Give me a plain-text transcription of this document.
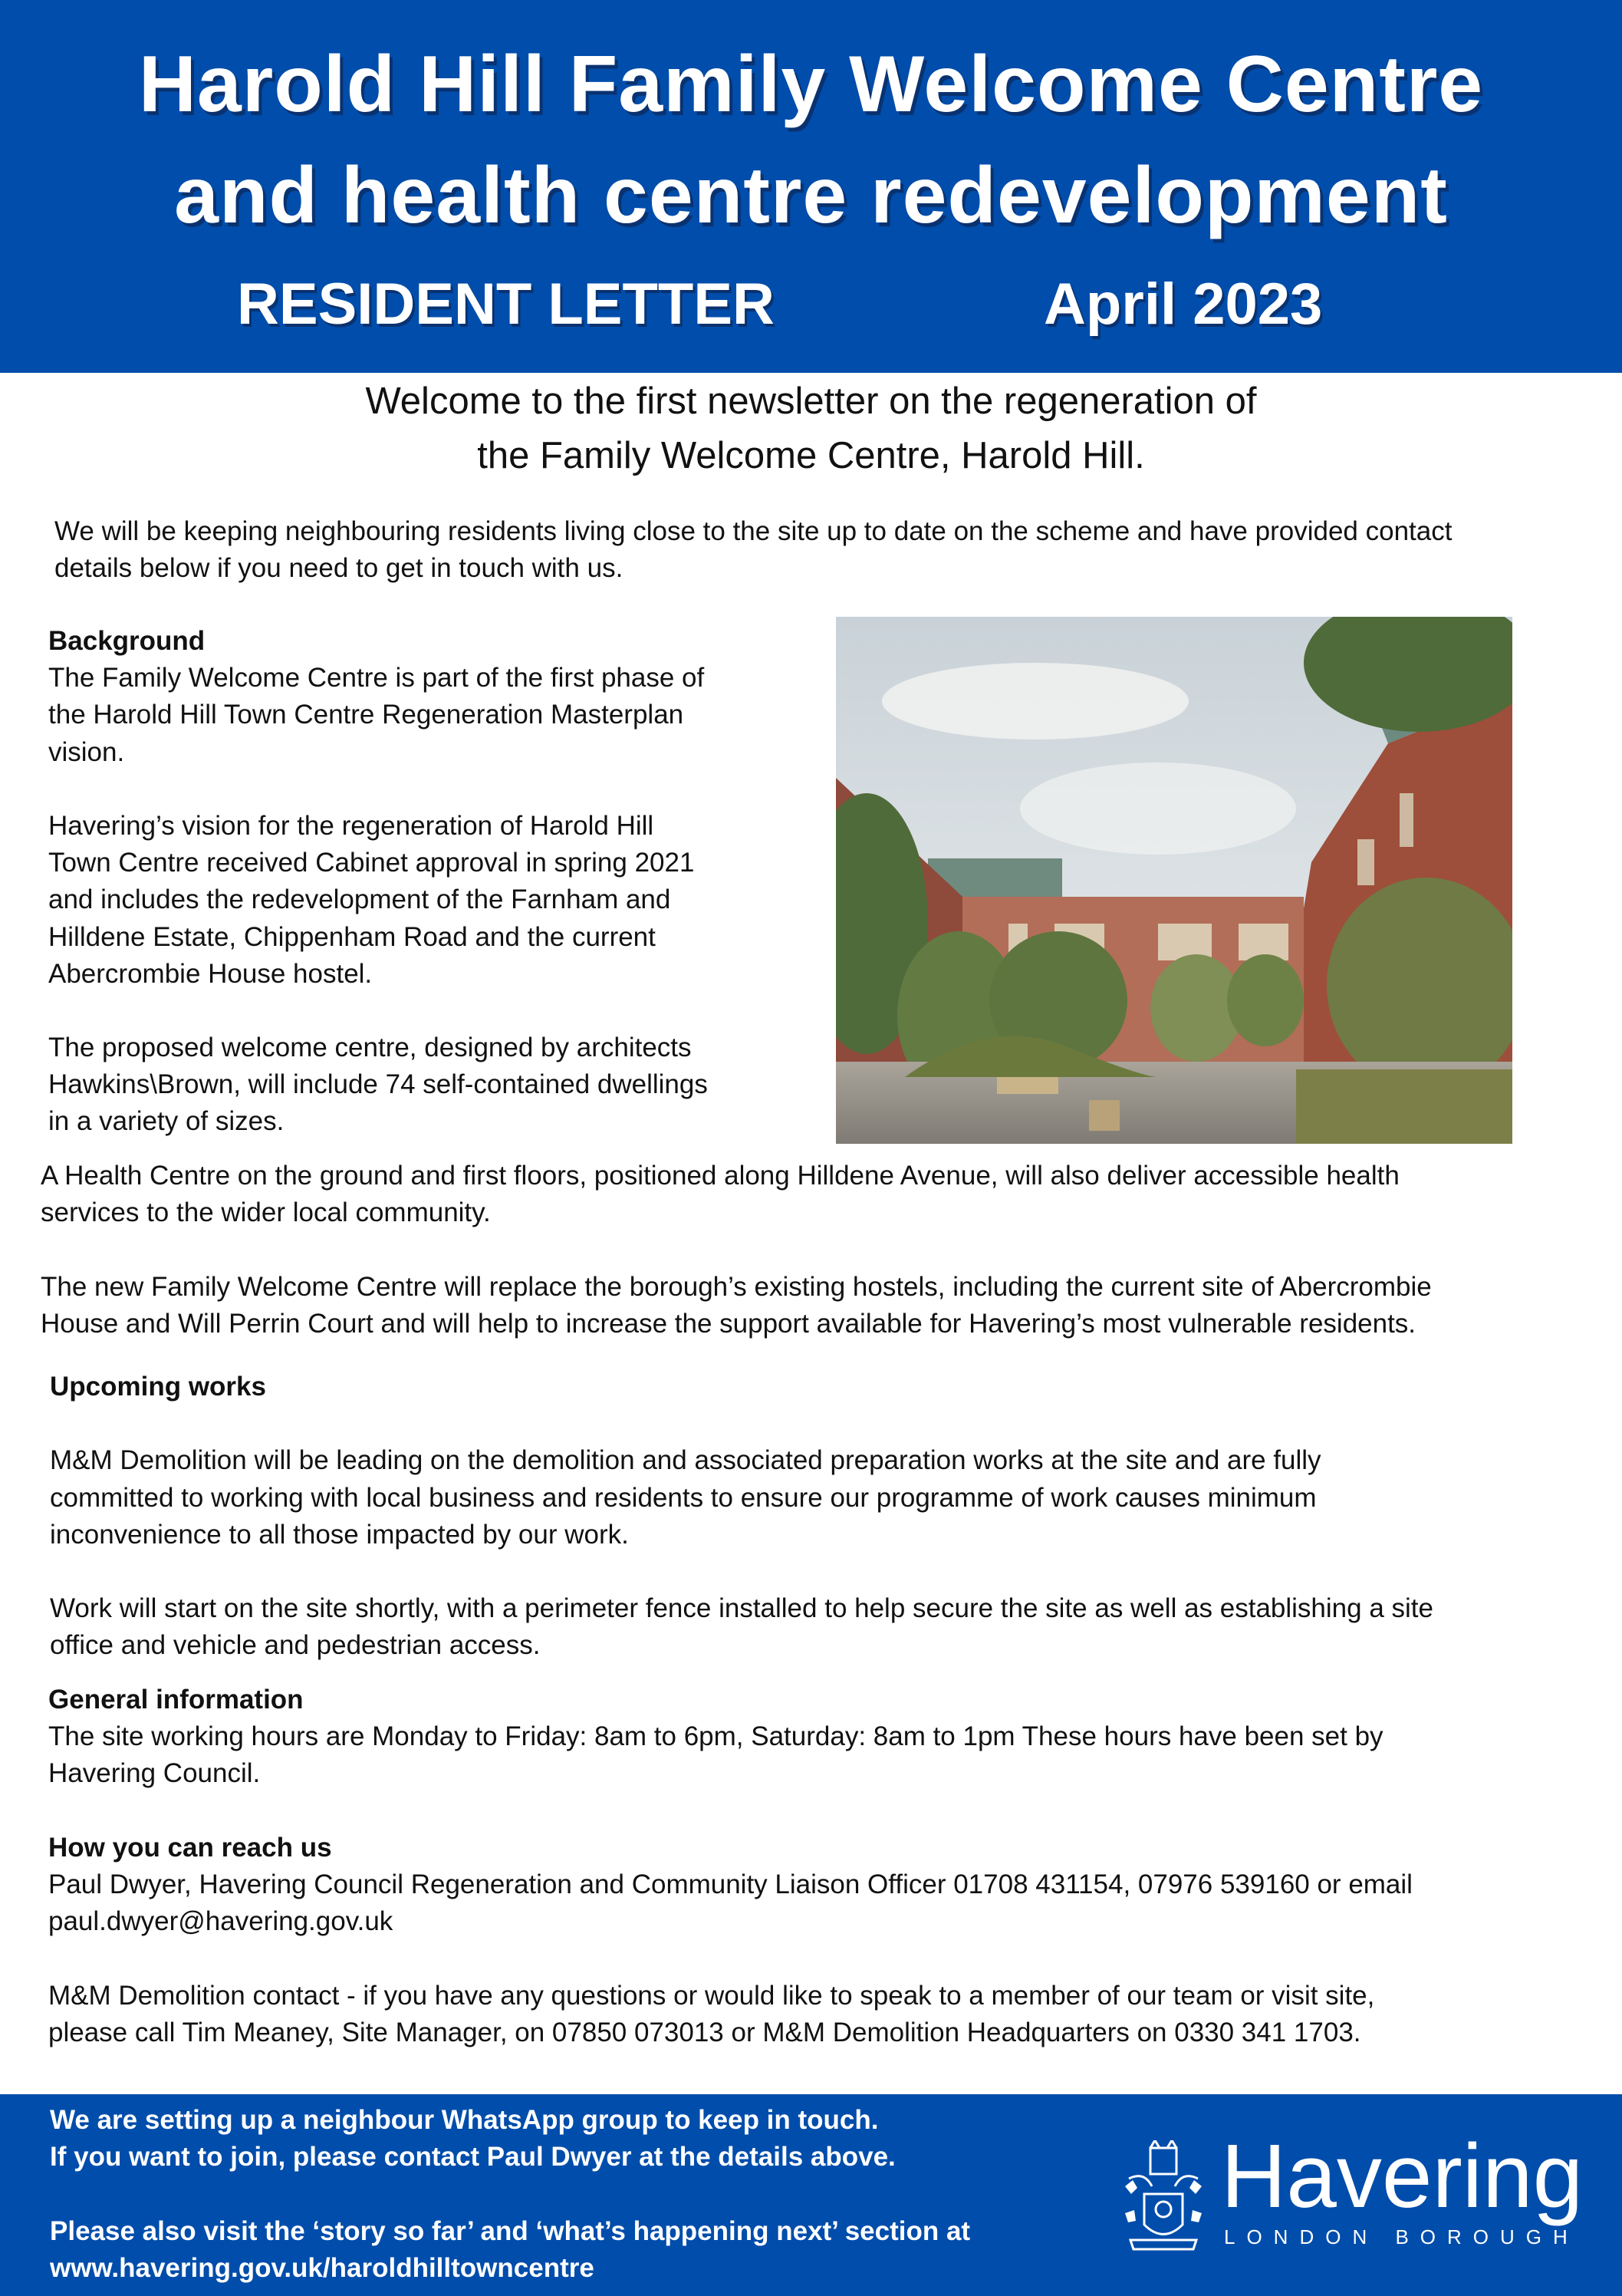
Harold Hill Family Welcome Centre
and health centre redevelopment
RESIDENT LETTER	April 2023
Welcome to the first newsletter on the regeneration of
the Family Welcome Centre, Harold Hill.
We will be keeping neighbouring residents living close to the site up to date on the scheme and have provided contact
details below if you need to get in touch with us.
Background
The Family Welcome Centre is part of the first phase of
the Harold Hill Town Centre Regeneration Masterplan
vision.
Havering’s vision for the regeneration of Harold Hill
Town Centre received Cabinet approval in spring 2021
and includes the redevelopment of the Farnham and
Hilldene Estate, Chippenham Road and the current
Abercrombie House hostel.
The proposed welcome centre, designed by architects
Hawkins\Brown, will include 74 self-contained dwellings
in a variety of sizes.
A Health Centre on the ground and first floors, positioned along Hilldene Avenue, will also deliver accessible health
services to the wider local community.
The new Family Welcome Centre will replace the borough’s existing hostels, including the current site of Abercrombie
House and Will Perrin Court and will help to increase the support available for Havering’s most vulnerable residents.
Upcoming works
M&M Demolition will be leading on the demolition and associated preparation works at the site and are fully
committed to working with local business and residents to ensure our programme of work causes minimum
inconvenience to all those impacted by our work.
Work will start on the site shortly, with a perimeter fence installed to help secure the site as well as establishing a site
office and vehicle and pedestrian access.
General information
The site working hours are Monday to Friday: 8am to 6pm, Saturday: 8am to 1pm These hours have been set by
Havering Council.
How you can reach us
Paul Dwyer, Havering Council Regeneration and Community Liaison Officer 01708 431154, 07976 539160 or email
paul.dwyer@havering.gov.uk
M&M Demolition contact - if you have any questions or would like to speak to a member of our team or visit site,
please call Tim Meaney, Site Manager, on 07850 073013 or M&M Demolition Headquarters on 0330 341 1703.
We are setting up a neighbour WhatsApp group to keep in touch.
If you want to join, please contact Paul Dwyer at the details above.
Please also visit the ‘story so far’ and ‘what’s happening next’ section at
www.havering.gov.uk/haroldhilltowncentre
Havering
LONDON BOROUGH
